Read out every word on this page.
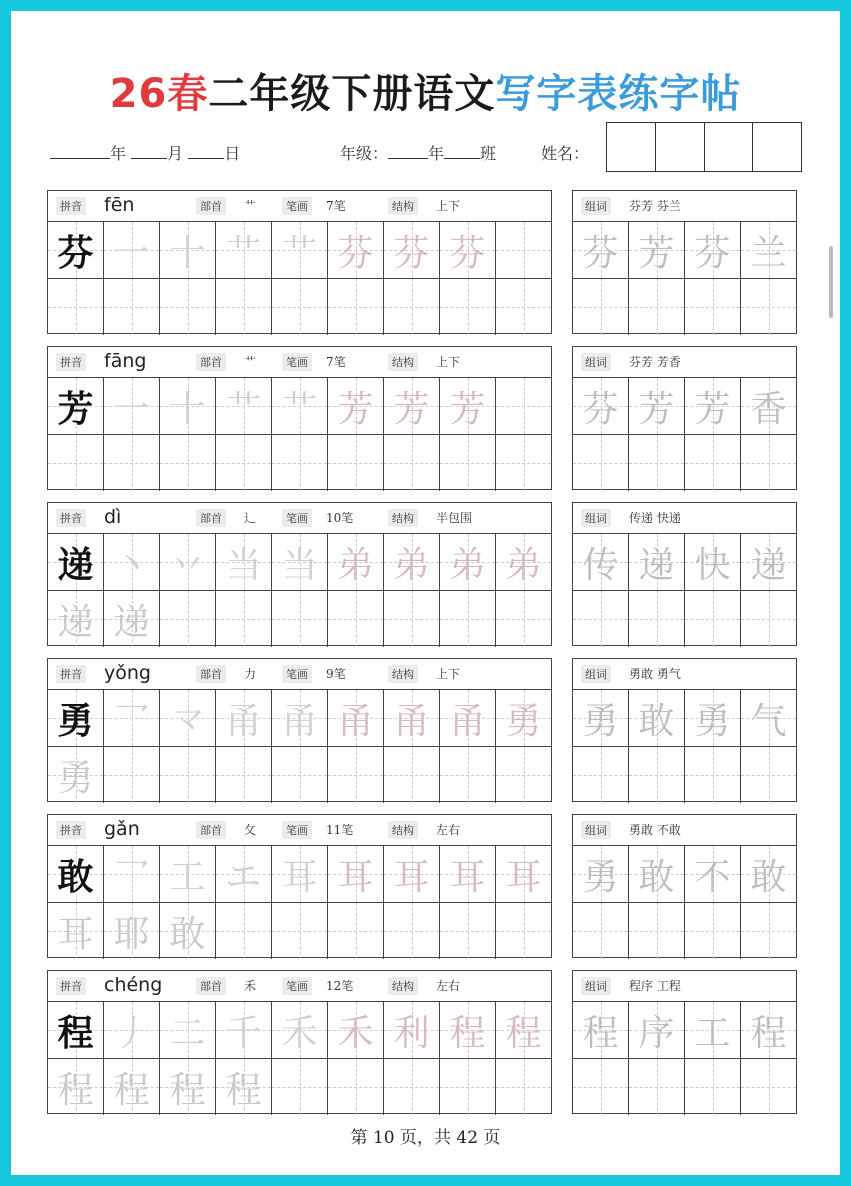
26春二年级下册语文写字表练字帖
年	月	日	年级：	年 班	姓名：
拼音 fēn	部首	艹	笔画	7笔	结构	上下
芬 一 十 艹 艹 芬 芬 芬
组词	芬芳 芬兰
芬 芳 芬 兰
拼音 fāng	部首	艹	笔画	7笔	结构	上下
芳 一 十 艹 艹 芳 芳 芳
组词	芬芳 芳香
芬 芳 芳 香
拼音 dì	部首	辶	笔画	10笔	结构	半包围
递 丶 丷 当 当 弟 弟 弟 弟
递 递
组词	传递 快递
传 递 快 递
拼音 yǒng	部首	力	笔画	9笔	结构	上下
勇 乛 龴 甬 甬 甬 甬 甬 勇
勇
组词	勇敢 勇气
勇 敢 勇 气
拼音 gǎn	部首	攵	笔画	11笔	结构	左右
敢 乛 工 エ 耳 耳 耳 耳 耳
耳 耶 敢
组词	勇敢 不敢
勇 敢 不 敢
拼音 chéng	部首	禾	笔画	12笔	结构	左右
程 丿 二 千 禾 禾 利 程 程
程 程 程 程
组词	程序 工程
程 序 工 程
第 10 页，共 42 页
